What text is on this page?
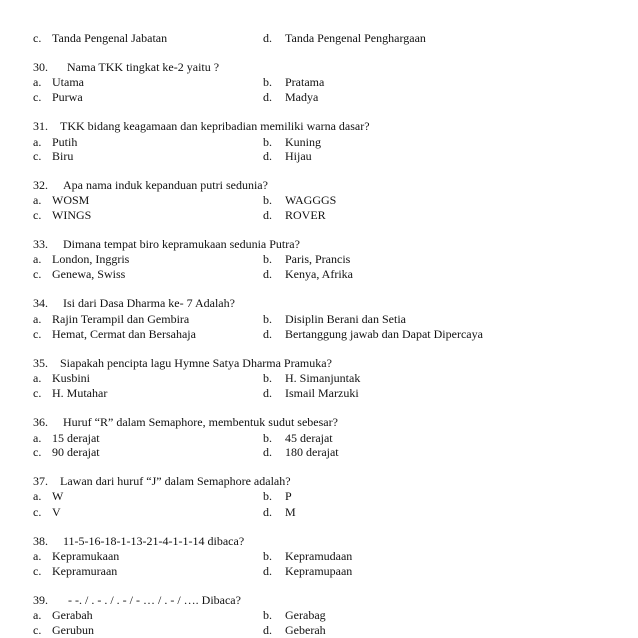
c. Tanda Pengenal Jabatan	d. Tanda Pengenal Penghargaan
30. Nama TKK tingkat ke-2 yaitu ?
a. Utama	b. Pratama
c. Purwa	d. Madya
31. TKK bidang keagamaan dan kepribadian memiliki warna dasar?
a. Putih	b. Kuning
c. Biru	d. Hijau
32. Apa nama induk kepanduan putri sedunia?
a. WOSM	b. WAGGGS
c. WINGS	d. ROVER
33. Dimana tempat biro kepramukaan sedunia Putra?
a. London, Inggris	b. Paris, Prancis
c. Genewa, Swiss	d. Kenya, Afrika
34. Isi dari Dasa Dharma ke- 7 Adalah?
a. Rajin Terampil dan Gembira	b. Disiplin Berani dan Setia
c. Hemat, Cermat dan Bersahaja	d. Bertanggung jawab dan Dapat Dipercaya
35. Siapakah pencipta lagu Hymne Satya Dharma Pramuka?
a. Kusbini	b. H. Simanjuntak
c. H. Mutahar	d. Ismail Marzuki
36. Huruf “R” dalam Semaphore, membentuk sudut sebesar?
a. 15 derajat	b. 45 derajat
c. 90 derajat	d. 180 derajat
37. Lawan dari huruf “J” dalam Semaphore adalah?
a. W	b. P
c. V	d. M
38. 11-5-16-18-1-13-21-4-1-1-14 dibaca?
a. Kepramukaan	b. Kepramudaan
c. Kepramuraan	d. Kepramupaan
39. - -. / . - . / . - / - … / . - / …. Dibaca?
a. Gerabah	b. Gerabag
c. Gerubun	d. Geberah
